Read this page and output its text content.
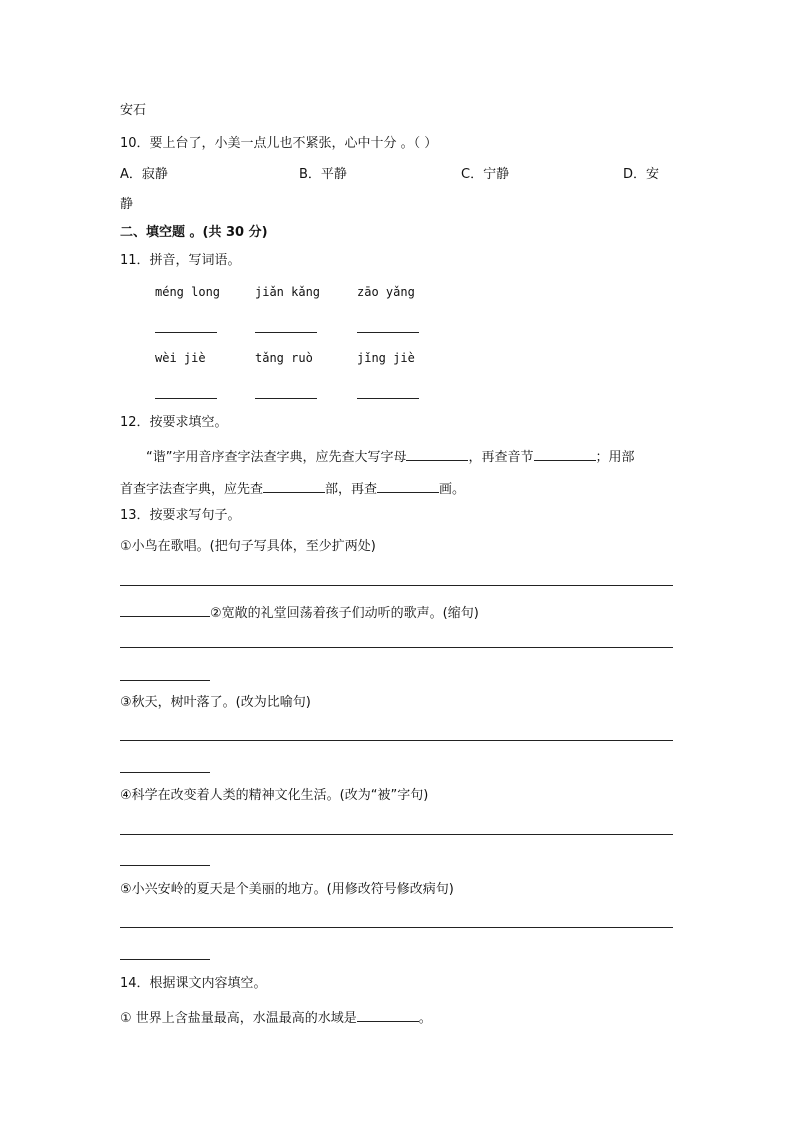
安石
10．要上台了，小美一点儿也不紧张，心中十分 。（ ）
A．寂静	B．平静	C．宁静	D．安
静
二、填空题 。(共 30 分)
11．拼音，写词语。
méng long	jiǎn kǎng	zāo yǎng
wèi jiè	tǎng ruò	jǐng jiè
12．按要求填空。
“谐”字用音序查字法查字典，应先查大写字母	，再查音节	；用部
首查字法查字典，应先查	部，再查	画。
13．按要求写句子。
①小鸟在歌唱。(把句子写具体，至少扩两处)
②宽敞的礼堂回荡着孩子们动听的歌声。(缩句)
③秋天，树叶落了。(改为比喻句)
④科学在改变着人类的精神文化生活。(改为“被”字句)
⑤小兴安岭的夏天是个美丽的地方。(用修改符号修改病句)
14．根据课文内容填空。
① 世界上含盐量最高，水温最高的水域是	。
